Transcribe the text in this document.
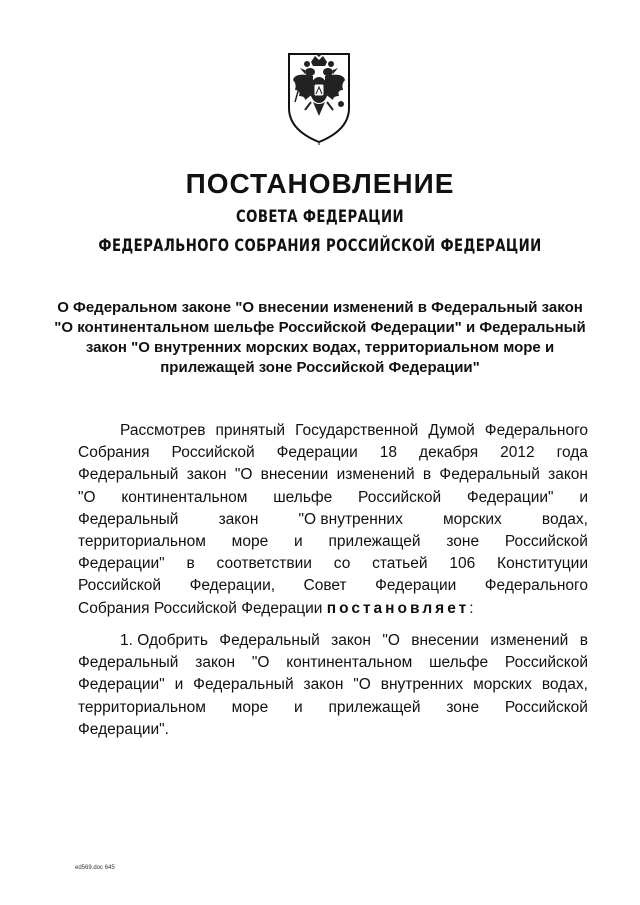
ПОСТАНОВЛЕНИЕ
СОВЕТА ФЕДЕРАЦИИ
ФЕДЕРАЛЬНОГО СОБРАНИЯ РОССИЙСКОЙ ФЕДЕРАЦИИ
О Федеральном законе "О внесении изменений в Федеральный закон
"О континентальном шельфе Российской Федерации" и Федеральный
закон "О внутренних морских водах, территориальном море и
прилежащей зоне Российской Федерации"
Рассмотрев принятый Государственной Думой Федерального
Собрания Российской Федерации 18 декабря 2012 года
Федеральный закон "О внесении изменений в Федеральный закон
"О континентальном шельфе Российской Федерации" и
Федеральный	закон	"О внутренних	морских	водах,
территориальном море и прилежащей зоне Российской
Федерации" в соответствии со статьей 106 Конституции
Российской Федерации, Совет Федерации Федерального
Собрания Российской Федерации постановляет :
1. Одобрить Федеральный закон "О внесении изменений в
Федеральный закон "О континентальном шельфе Российской
Федерации" и Федеральный закон "О внутренних морских водах,
территориальном море и прилежащей зоне Российской
Федерации".
ed569.doc 645
